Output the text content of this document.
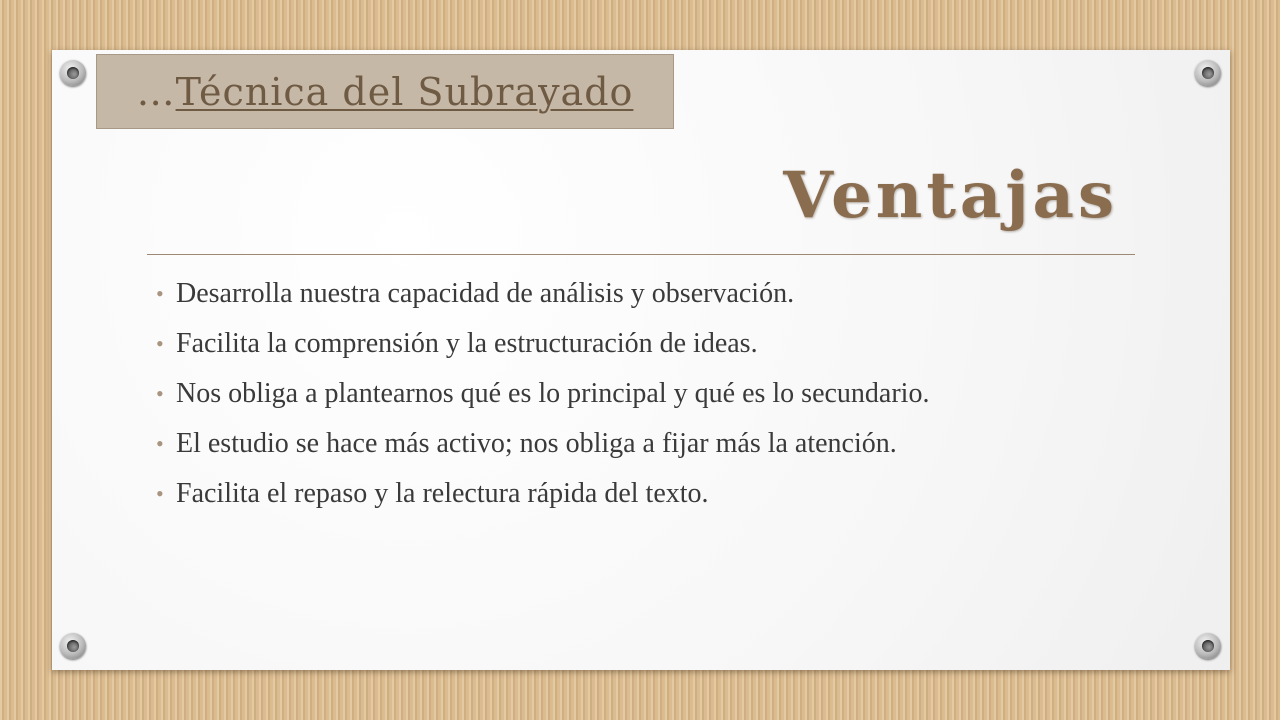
…Técnica del Subrayado
Ventajas
• Desarrolla nuestra capacidad de análisis y observación.
• Facilita la comprensión y la estructuración de ideas.
• Nos obliga a plantearnos qué es lo principal y qué es lo secundario.
• El estudio se hace más activo; nos obliga a fijar más la atención.
• Facilita el repaso y la relectura rápida del texto.
